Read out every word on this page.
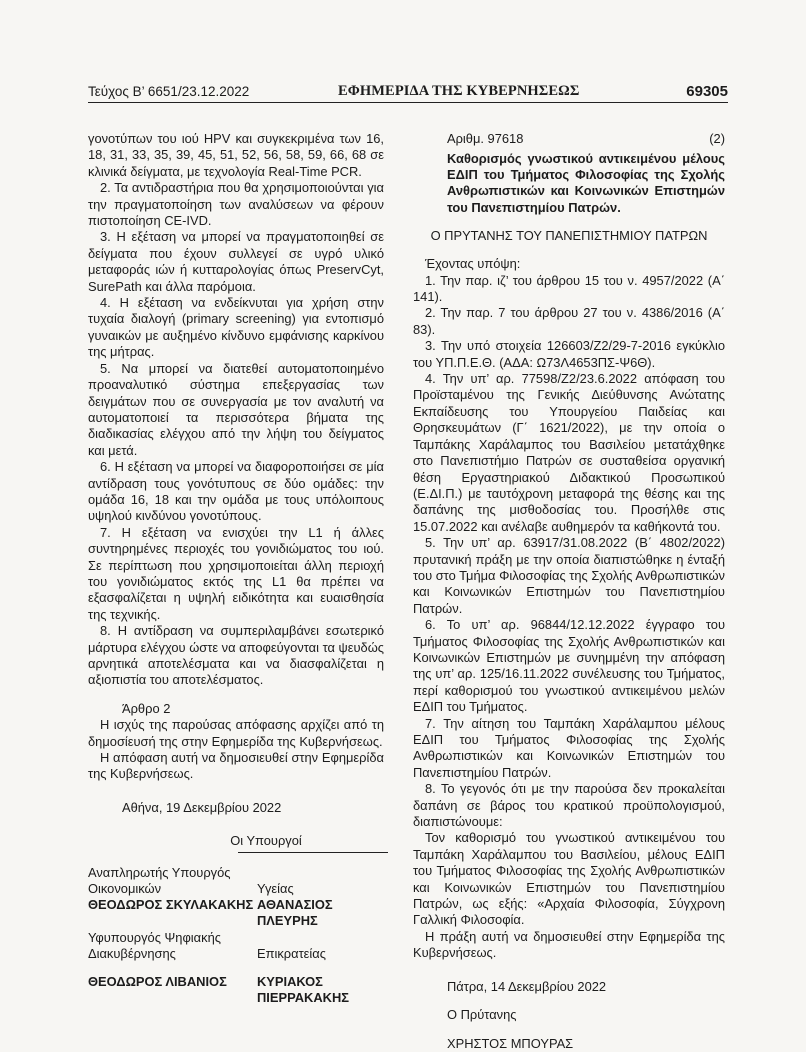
Τεύχος Β’ 6651/23.12.2022	ΕΦΗΜΕΡΙΔΑ ΤΗΣ ΚΥΒΕΡΝΗΣΕΩΣ	69305

γονοτύπων του ιού HPV και συγκεκριμένα των 16, 18, 31, 33, 35, 39, 45, 51, 52, 56, 58, 59, 66, 68 σε κλινικά δείγματα, με τεχνολογία Real-Time PCR.

2. Τα αντιδραστήρια που θα χρησιμοποιούνται για την πραγματοποίηση των αναλύσεων να φέρουν πιστοποίηση CE-IVD.

3. Η εξέταση να μπορεί να πραγματοποιηθεί σε δείγματα που έχουν συλλεγεί σε υγρό υλικό μεταφοράς ιών ή κυτταρολογίας όπως PreservCyt, SurePath και άλλα παρόμοια.

4. Η εξέταση να ενδείκνυται για χρήση στην τυχαία διαλογή (primary screening) για εντοπισμό γυναικών με αυξημένο κίνδυνο εμφάνισης καρκίνου της μήτρας.

5. Να μπορεί να διατεθεί αυτοματοποιημένο προαναλυτικό σύστημα επεξεργασίας των δειγμάτων που σε συνεργασία με τον αναλυτή να αυτοματοποιεί τα περισσότερα βήματα της διαδικασίας ελέγχου από την λήψη του δείγματος και μετά.

6. Η εξέταση να μπορεί να διαφοροποιήσει σε μία αντίδραση τους γονότυπους σε δύο ομάδες: την ομάδα 16, 18 και την ομάδα με τους υπόλοιπους υψηλού κινδύνου γονοτύπους.

7. Η εξέταση να ενισχύει την L1 ή άλλες συντηρημένες περιοχές του γονιδιώματος του ιού. Σε περίπτωση που χρησιμοποιείται άλλη περιοχή του γονιδιώματος εκτός της L1 θα πρέπει να εξασφαλίζεται η υψηλή ειδικότητα και ευαισθησία της τεχνικής.

8. Η αντίδραση να συμπεριλαμβάνει εσωτερικό μάρτυρα ελέγχου ώστε να αποφεύγονται τα ψευδώς αρνητικά αποτελέσματα και να διασφαλίζεται η αξιοπιστία του αποτελέσματος.

Άρθρο 2

Η ισχύς της παρούσας απόφασης αρχίζει από τη δημοσίευσή της στην Εφημερίδα της Κυβερνήσεως.

Η απόφαση αυτή να δημοσιευθεί στην Εφημερίδα της Κυβερνήσεως.

Αθήνα, 19 Δεκεμβρίου 2022

Οι Υπουργοί
Αναπληρωτής Υπουργός
Οικονομικών	Υγείας
ΘΕΟΔΩΡΟΣ ΣΚΥΛΑΚΑΚΗΣ ΑΘΑΝΑΣΙΟΣ ΠΛΕΥΡΗΣ
Υφυπουργός Ψηφιακής
Διακυβέρνησης	Επικρατείας
ΘΕΟΔΩΡΟΣ ΛΙΒΑΝΙΟΣ ΚΥΡΙΑΚΟΣ ΠΙΕΡΡΑΚΑΚΗΣ
Αριθμ. 97618	(2)
Καθορισμός γνωστικού αντικειμένου μέλους ΕΔΙΠ του Τμήματος Φιλοσοφίας της Σχολής Ανθρωπιστικών και Κοινωνικών Επιστημών του Πανεπιστημίου Πατρών.

Ο ΠΡΥΤΑΝΗΣ ΤΟΥ ΠΑΝΕΠΙΣΤΗΜΙΟΥ ΠΑΤΡΩΝ

Έχοντας υπόψη:

1. Την παρ. ιζ’ του άρθρου 15 του ν. 4957/2022 (Α΄ 141).

2. Την παρ. 7 του άρθρου 27 του ν. 4386/2016 (Α΄ 83).

3. Την υπό στοιχεία 126603/Ζ2/29-7-2016 εγκύκλιο του ΥΠ.Π.Ε.Θ. (ΑΔΑ: Ω73Λ4653ΠΣ-Ψ6Θ).

4. Την υπ’ αρ. 77598/Ζ2/23.6.2022 απόφαση του Προϊσταμένου της Γενικής Διεύθυνσης Ανώτατης Εκπαίδευσης του Υπουργείου Παιδείας και Θρησκευμάτων (Γ΄ 1621/2022), με την οποία ο Ταμπάκης Χαράλαμπος του Βασιλείου μετατάχθηκε στο Πανεπιστήμιο Πατρών σε συσταθείσα οργανική θέση Εργαστηριακού Διδακτικού Προσωπικού (Ε.ΔΙ.Π.) με ταυτόχρονη μεταφορά της θέσης και της δαπάνης της μισθοδοσίας του. Προσήλθε στις 15.07.2022 και ανέλαβε αυθημερόν τα καθήκοντά του.

5. Την υπ’ αρ. 63917/31.08.2022 (Β΄ 4802/2022) πρυτανική πράξη με την οποία διαπιστώθηκε η ένταξή του στο Τμήμα Φιλοσοφίας της Σχολής Ανθρωπιστικών και Κοινωνικών Επιστημών του Πανεπιστημίου Πατρών.

6. Το υπ’ αρ. 96844/12.12.2022 έγγραφο του Τμήματος Φιλοσοφίας της Σχολής Ανθρωπιστικών και Κοινωνικών Επιστημών με συνημμένη την απόφαση της υπ’ αρ. 125/16.11.2022 συνέλευσης του Τμήματος, περί καθορισμού του γνωστικού αντικειμένου μελών ΕΔΙΠ του Τμήματος.

7. Την αίτηση του Ταμπάκη Χαράλαμπου μέλους ΕΔΙΠ του Τμήματος Φιλοσοφίας της Σχολής Ανθρωπιστικών και Κοινωνικών Επιστημών του Πανεπιστημίου Πατρών.

8. Το γεγονός ότι με την παρούσα δεν προκαλείται δαπάνη σε βάρος του κρατικού προϋπολογισμού, διαπιστώνουμε:

Τον καθορισμό του γνωστικού αντικειμένου του Ταμπάκη Χαράλαμπου του Βασιλείου, μέλους ΕΔΙΠ του Τμήματος Φιλοσοφίας της Σχολής Ανθρωπιστικών και Κοινωνικών Επιστημών του Πανεπιστημίου Πατρών, ως εξής: «Αρχαία Φιλοσοφία, Σύγχρονη Γαλλική Φιλοσοφία.

Η πράξη αυτή να δημοσιευθεί στην Εφημερίδα της Κυβερνήσεως.

Πάτρα, 14 Δεκεμβρίου 2022

Ο Πρύτανης

ΧΡΗΣΤΟΣ ΜΠΟΥΡΑΣ
